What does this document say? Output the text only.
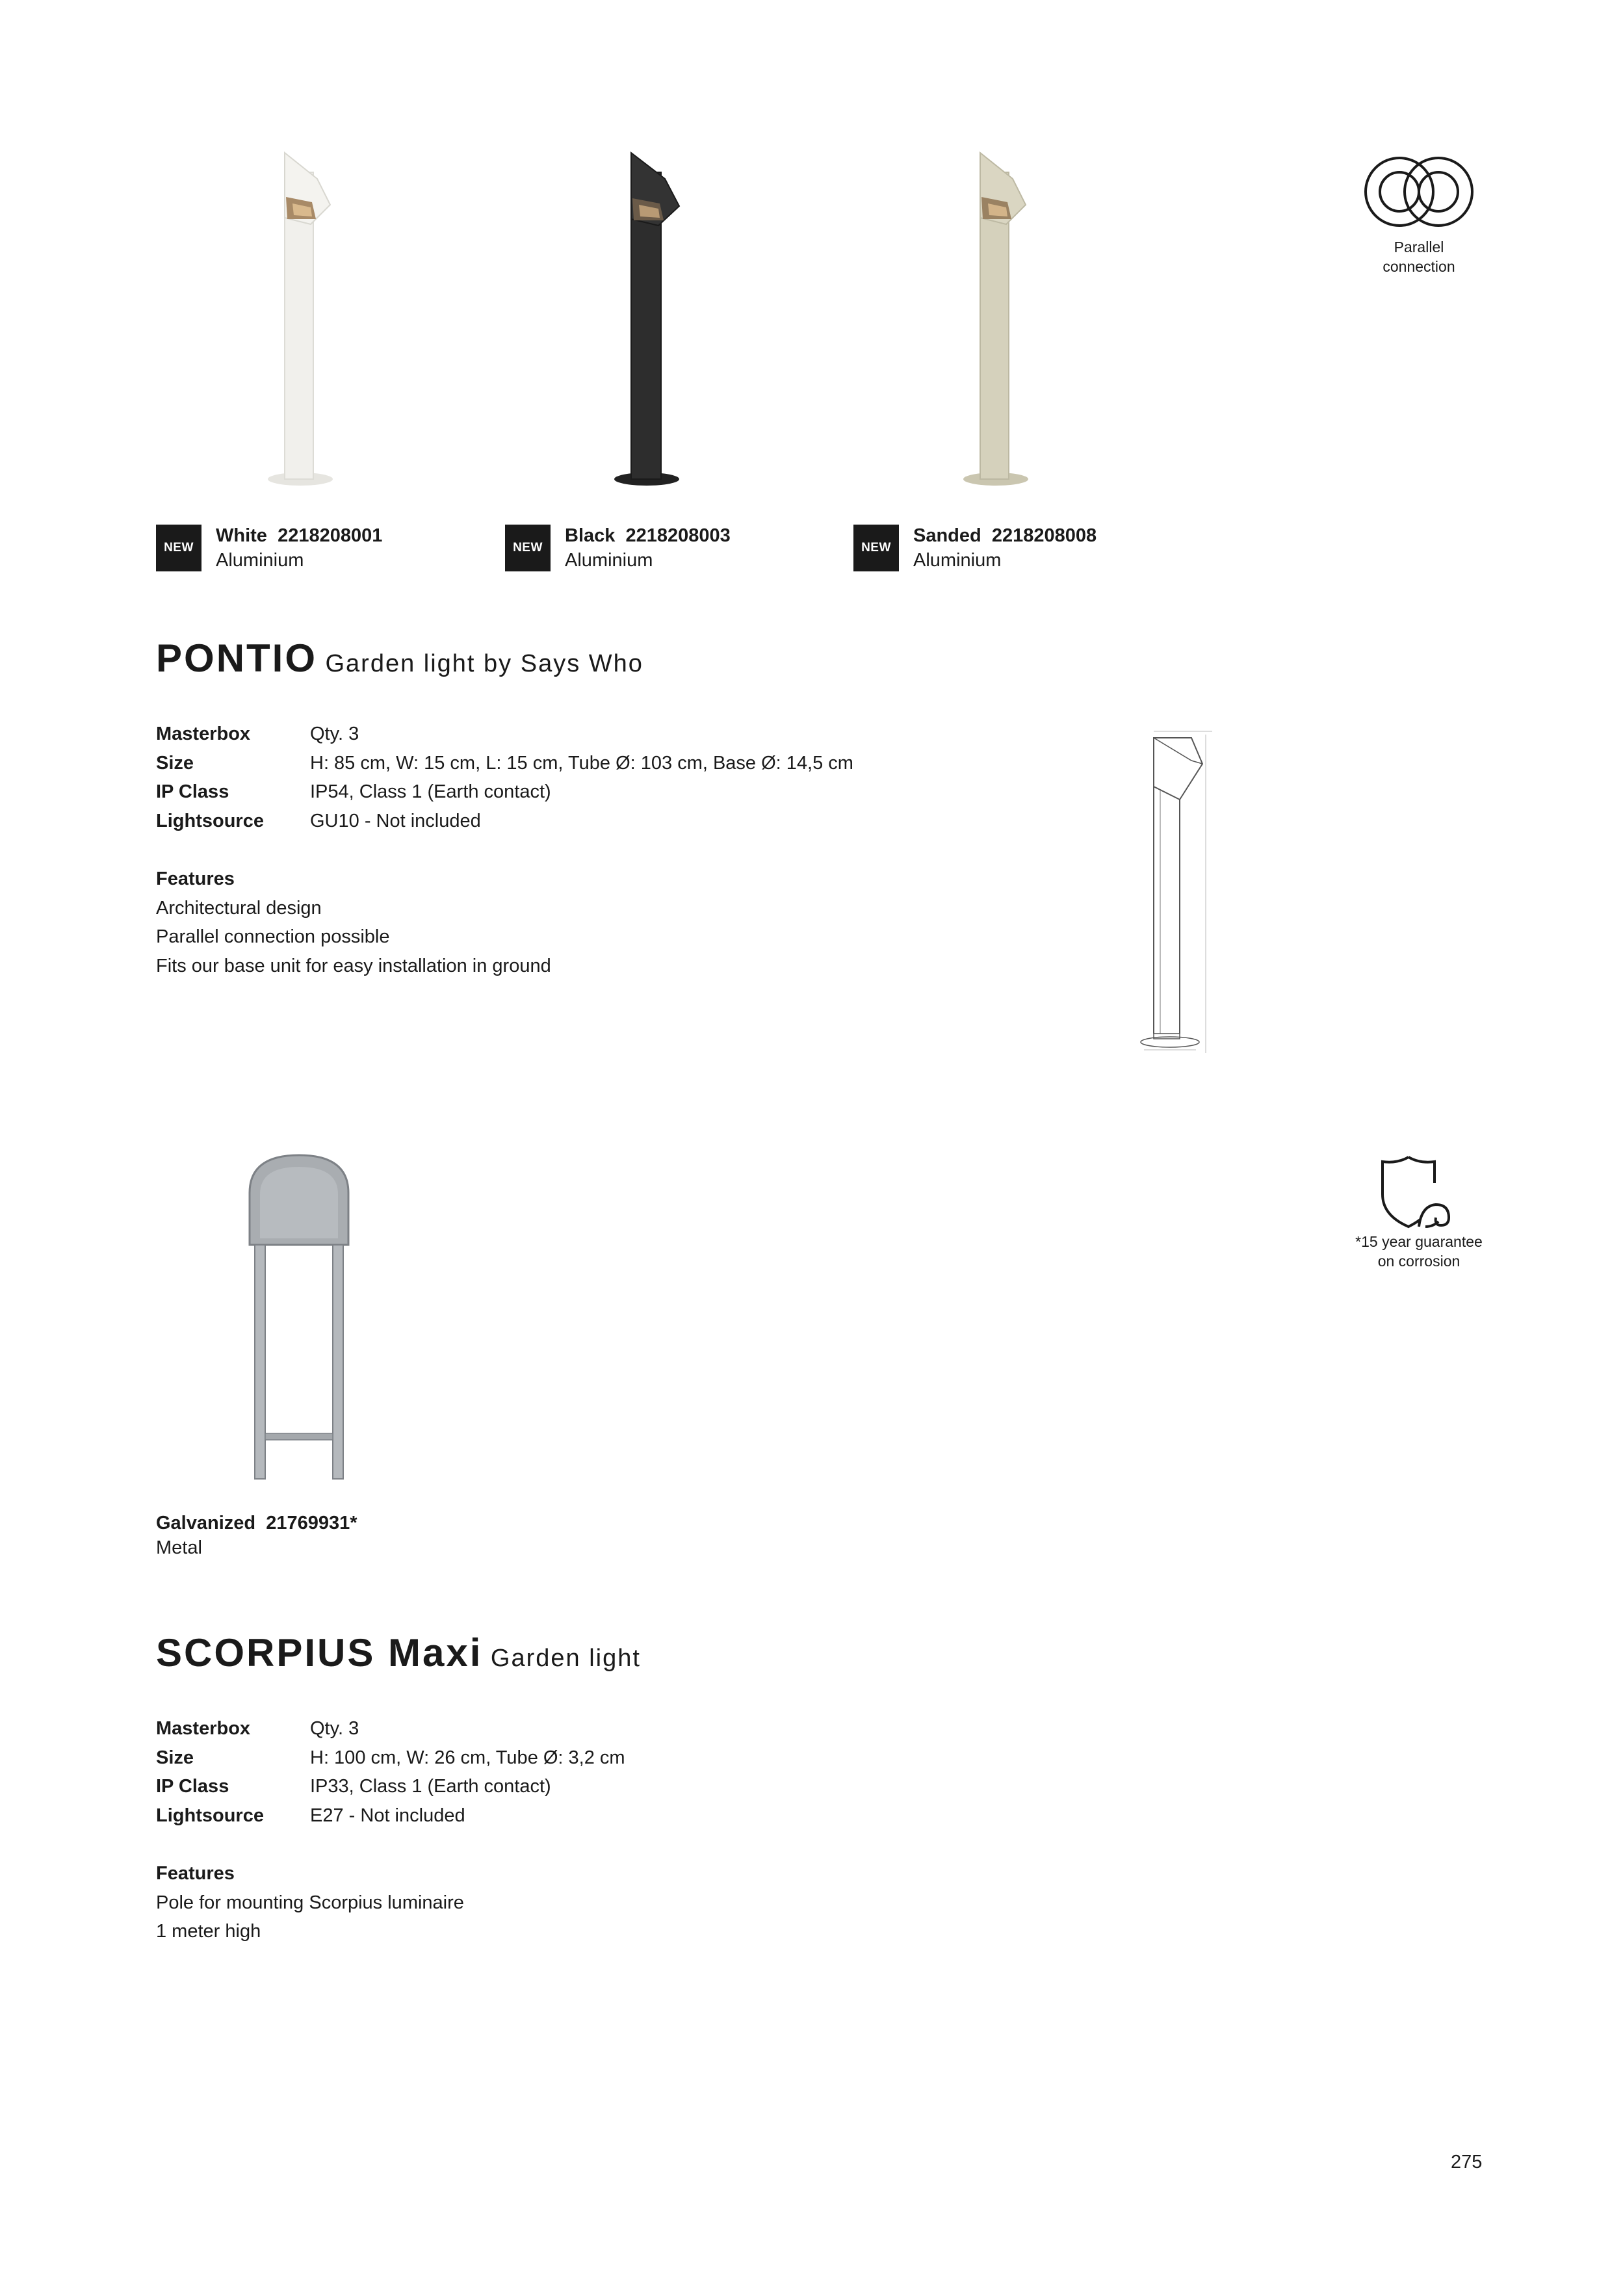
Parallel
connection
NEW
White 2218208001
Aluminium
NEW
Black 2218208003
Aluminium
NEW
Sanded 2218208008
Aluminium
PONTIO Garden light by Says Who
Masterbox	Qty. 3
Size	H: 85 cm, W: 15 cm, L: 15 cm, Tube Ø: 103 cm, Base Ø: 14,5 cm
IP Class	IP54, Class 1 (Earth contact)
Lightsource	GU10 - Not included
Features
Architectural design
Parallel connection possible
Fits our base unit for easy installation in ground
*15 year guarantee
on corrosion
Galvanized 21769931*
Metal
SCORPIUS Maxi Garden light
Masterbox	Qty. 3
Size	H: 100 cm, W: 26 cm, Tube Ø: 3,2 cm
IP Class	IP33, Class 1 (Earth contact)
Lightsource	E27 - Not included
Features
Pole for mounting Scorpius luminaire
1 meter high
275
